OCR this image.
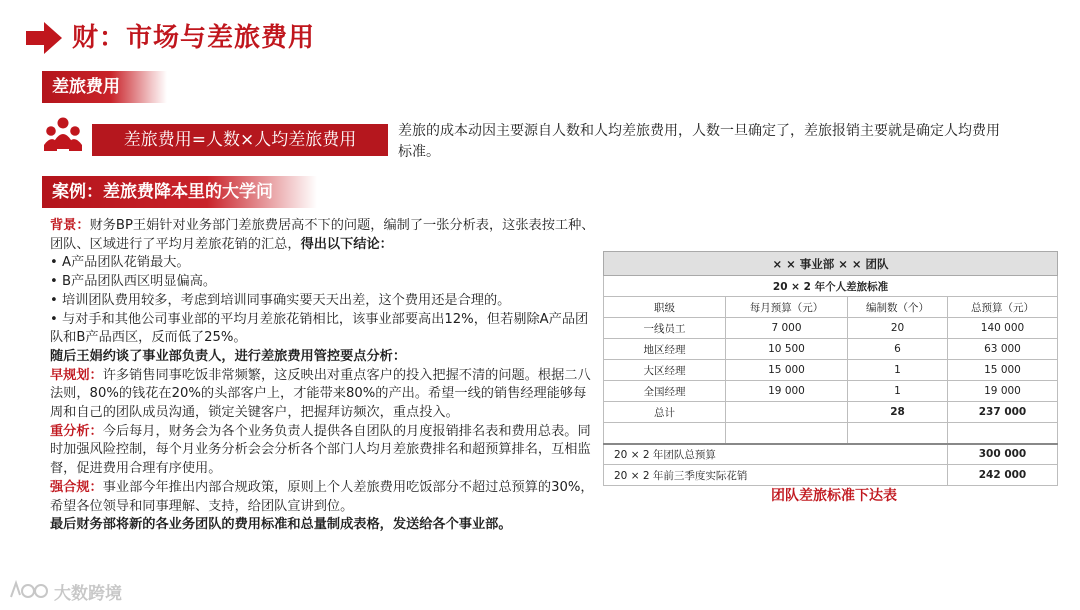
财：市场与差旅费用
差旅费用
差旅费用=人数×人均差旅费用	差旅的成本动因主要源自人数和人均差旅费用，人数一旦确定了，差旅报销主要就是确定人均费用标准。
案例：差旅费降本里的大学问

背景：财务BP王娟针对业务部门差旅费居高不下的问题，编制了一张分析表，这张表按工种、团队、区域进行了平均月差旅花销的汇总，得出以下结论：

• A产品团队花销最大。

• B产品团队西区明显偏高。

• 培训团队费用较多，考虑到培训同事确实要天天出差，这个费用还是合理的。

• 与对手和其他公司事业部的平均月差旅花销相比，该事业部要高出12%，但若剔除A产品团队和B产品西区，反而低了25%。

随后王娟约谈了事业部负责人，进行差旅费用管控要点分析：

早规划：许多销售同事吃饭非常频繁，这反映出对重点客户的投入把握不清的问题。根据二八法则，80%的钱花在20%的头部客户上，才能带来80%的产出。希望一线的销售经理能够每周和自己的团队成员沟通，锁定关键客户，把握拜访频次，重点投入。

重分析：今后每月，财务会为各个业务负责人提供各自团队的月度报销排名表和费用总表。同时加强风险控制，每个月业务分析会会分析各个部门人均月差旅费排名和超预算排名，互相监督，促进费用合理有序使用。

强合规：事业部今年推出内部合规政策，原则上个人差旅费用吃饭部分不超过总预算的30%，希望各位领导和同事理解、支持，给团队宣讲到位。

最后财务部将新的各业务团队的费用标准和总量制成表格，发送给各个事业部。

× × 事业部 × × 团队			
20 × 2 年个人差旅标准			
职级	每月预算（元）	编制数（个）	总预算（元）
一线员工	7 000	20	140 000
地区经理	10 500	6	63 000
大区经理	15 000	1	15 000
全国经理	19 000	1	19 000
总计		28	237 000

20 × 2 年团队总预算			300 000
20 × 2 年前三季度实际花销			242 000
团队差旅标准下达表
大数跨境
